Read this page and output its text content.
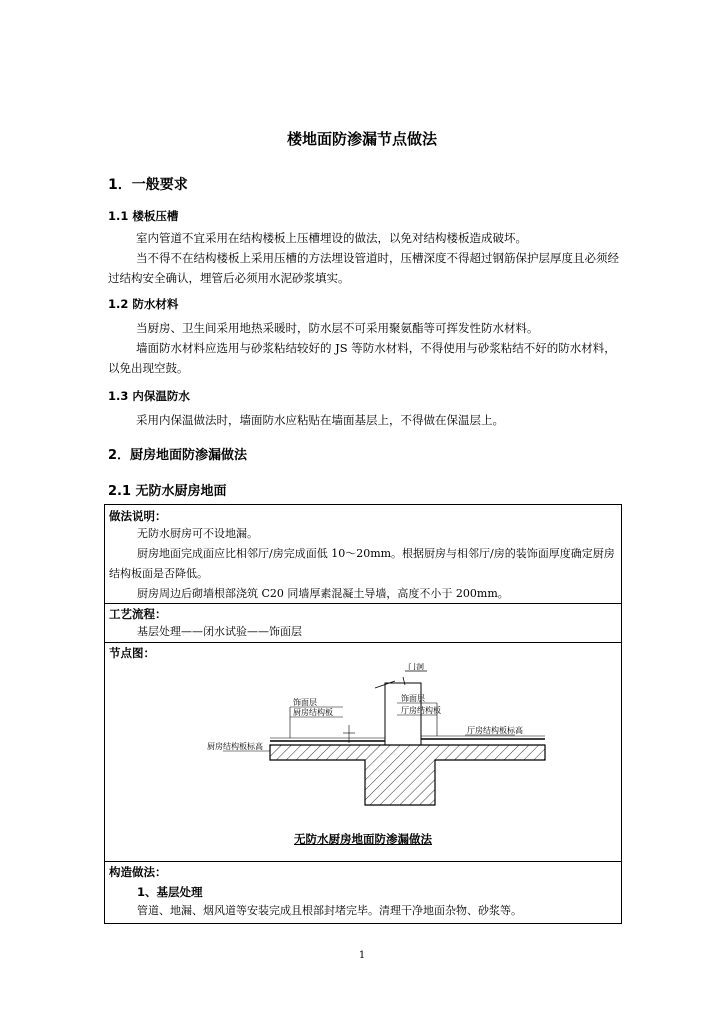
楼地面防渗漏节点做法
1．一般要求
1.1 楼板压槽
室内管道不宜采用在结构楼板上压槽埋设的做法，以免对结构楼板造成破坏。
当不得不在结构楼板上采用压槽的方法埋设管道时，压槽深度不得超过钢筋保护层厚度且必须经过结构安全确认，埋管后必须用水泥砂浆填实。
1.2 防水材料
当厨房、卫生间采用地热采暖时，防水层不可采用聚氨酯等可挥发性防水材料。
墙面防水材料应选用与砂浆粘结较好的 JS 等防水材料，不得使用与砂浆粘结不好的防水材料，以免出现空鼓。
1.3 内保温防水
采用内保温做法时，墙面防水应粘贴在墙面基层上，不得做在保温层上。
2．厨房地面防渗漏做法
2.1 无防水厨房地面
做法说明：
无防水厨房可不设地漏。
厨房地面完成面应比相邻厅/房完成面低 10～20mm。根据厨房与相邻厅/房的装饰面厚度确定厨房结构板面是否降低。
厨房周边后砌墙根部浇筑 C20 同墙厚素混凝土导墙，高度不小于 200mm。
工艺流程：
基层处理——闭水试验——饰面层
节点图：
门洞
饰面层
厨房结构板
厨房结构板标高
饰面层
厅房结构板
厅房结构板标高
无防水厨房地面防渗漏做法
构造做法：
1、基层处理
管道、地漏、烟风道等安装完成且根部封堵完毕。清理干净地面杂物、砂浆等。
1
